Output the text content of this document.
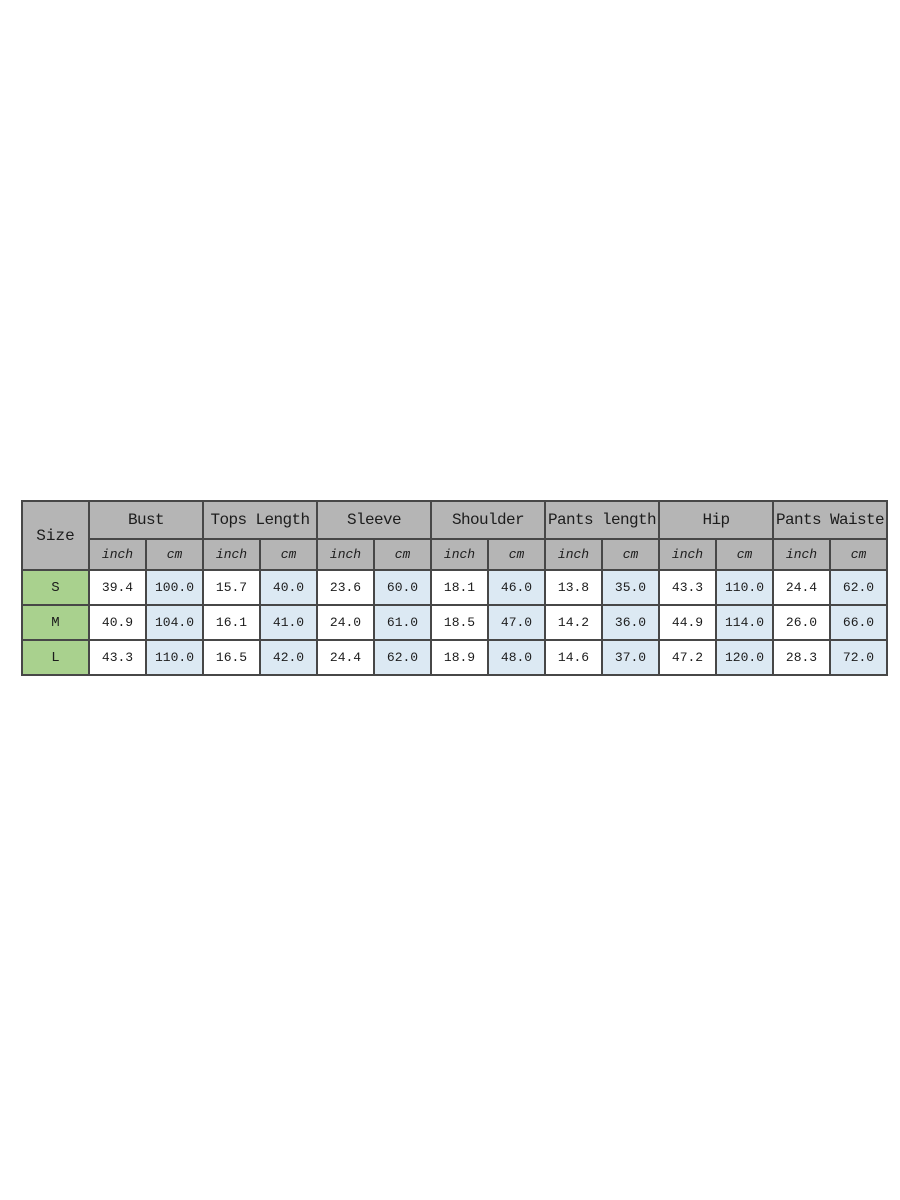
Size	Bust		Tops Length		Sleeve		Shoulder		Pants length		Hip		Pants Waiste	
	inch	cm	inch	cm	inch	cm	inch	cm	inch	cm	inch	cm	inch	cm
S	39.4	100.0	15.7	40.0	23.6	60.0	18.1	46.0	13.8	35.0	43.3	110.0	24.4	62.0
M	40.9	104.0	16.1	41.0	24.0	61.0	18.5	47.0	14.2	36.0	44.9	114.0	26.0	66.0
L	43.3	110.0	16.5	42.0	24.4	62.0	18.9	48.0	14.6	37.0	47.2	120.0	28.3	72.0
